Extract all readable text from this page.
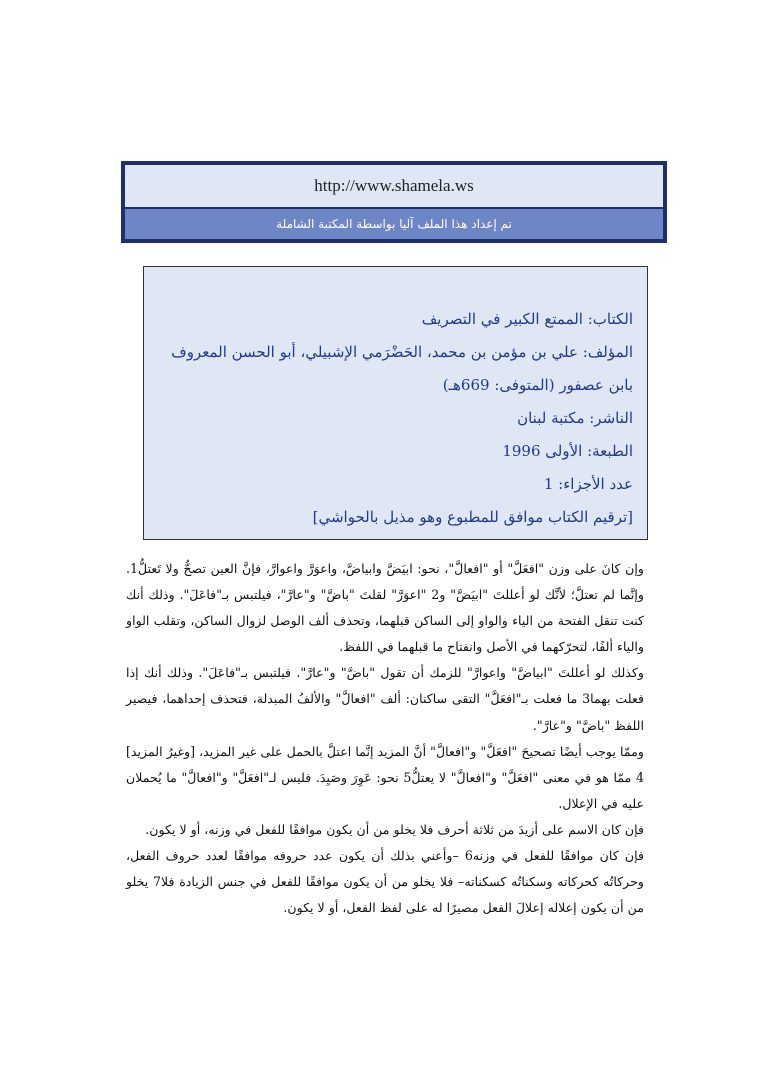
http://www.shamela.ws
تم إعداد هذا الملف آليا بواسطة المكتبة الشاملة
الكتاب: الممتع الكبير في التصريف
المؤلف: علي بن مؤمن بن محمد، الحَضْرَمي الإشبيلي، أبو الحسن المعروف بابن عصفور (المتوفى: 669هـ)
الناشر: مكتبة لبنان
الطبعة: الأولى 1996
عدد الأجزاء: 1
[ترقيم الكتاب موافق للمطبوع وهو مذيل بالحواشي]

وإن كانَ على وزن "افعَلَّ" أو "افعالَّ"، نحو: ابيَضَّ وابياضَّ، واعوَرَّ واعوارَّ، فإنَّ العين تصحُّ ولا تَعتلُّ1. وإنَّما لم تعتلَّ؛ لأنَّك لو أعللتَ "ابيَضَّ" و2 "اعوَرَّ" لقلتَ "باضَّ" و"عارَّ"، فيلتبس بـ"فاعَلَ". وذلك أنك كنت تنقل الفتحة من الياء والواو إلى الساكن قبلهما، وتحذف ألف الوصل لزوال الساكن، وتقلب الواو والياء ألفًا، لتحرّكهما في الأصل وانفتاح ما قبلهما في اللفظ.

وكذلك لو أعللتَ "ابياضَّ" واعوارَّ" للزمك أن تقول "باضَّ" و"عارَّ". فيلتبس بـ"فاعَلَ". وذلك أنك إذا فعلت بهما3 ما فعلت بـ"افعَلَّ" التقى ساكنان: ألف "افعالَّ" والألفُ المبدلة، فتحذف إحداهما، فيصير اللفظ "باضَّ" و"عارَّ".

وممّا يوجب أيضًا تصحيحَ "افعَلَّ" و"افعالَّ" أنَّ المزيد إنَّما اعتلَّ بالحمل على غير المزيد، [وغيرُ المزيد] 4 ممّا هو في معنى "افعَلَّ" و"افعالَّ" لا يعتلُّ5 نحو: عَوِرَ وصَيِدَ. فليس لـ"افعَلَّ" و"افعالَّ" ما يُحملان عليه في الإعلال.

فإن كان الاسم على أزيدَ من ثلاثة أحرف فلا يخلو من أن يكون موافقًا للفعل في وزنه، أو لا يكون.

فإن كان موافقًا للفعل في وزنه6 –وأعني بذلك أن يكون عدد حروفه موافقًا لعدد حروف الفعل، وحركاتُه كحركاته وسكناتُه كسكناته– فلا يخلو من أن يكون موافقًا للفعل في جنس الزيادة فلا7 يخلو من أن يكون إعلاله إعلالَ الفعل مصيرًا له على لفظ الفعل، أو لا يكون.
